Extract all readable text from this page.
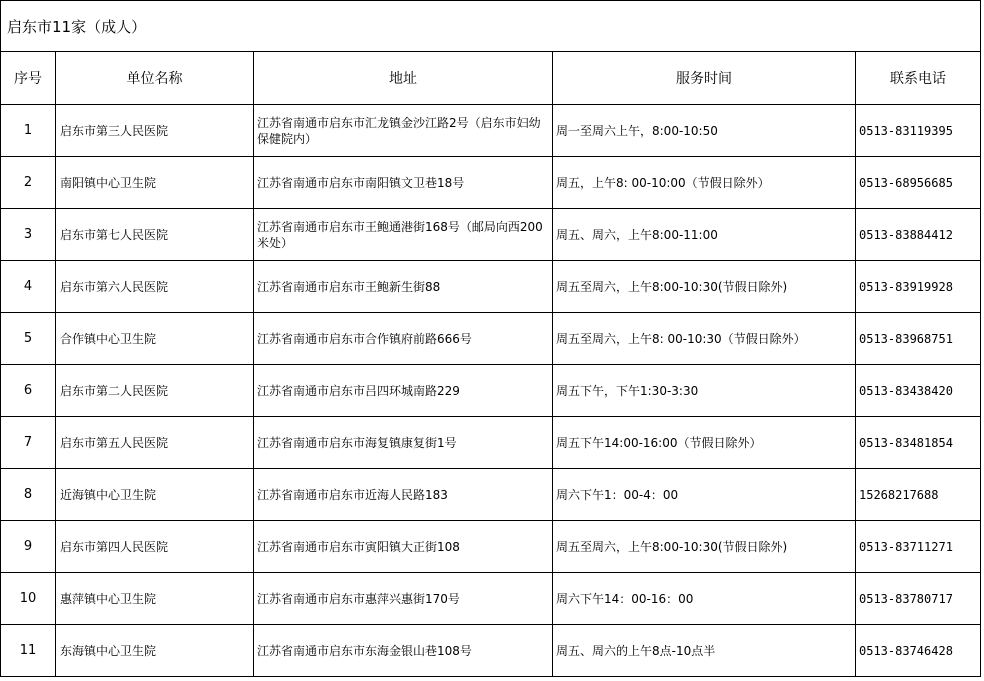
启东市11家（成人）				
序号	单位名称	地址	服务时间	联系电话
1	启东市第三人民医院	江苏省南通市启东市汇龙镇金沙江路2号（启东市妇幼保健院内）	周一至周六上午，8:00-10:50	0513-83119395
2	南阳镇中心卫生院	江苏省南通市启东市南阳镇文卫巷18号	周五，上午8: 00-10:00（节假日除外）	0513-68956685
3	启东市第七人民医院	江苏省南通市启东市王鲍通港街168号（邮局向西200米处）	周五、周六，上午8:00-11:00	0513-83884412
4	启东市第六人民医院	江苏省南通市启东市王鲍新生街88	周五至周六，上午8:00-10:30(节假日除外)	0513-83919928
5	合作镇中心卫生院	江苏省南通市启东市合作镇府前路666号	周五至周六，上午8: 00-10:30（节假日除外）	0513-83968751
6	启东市第二人民医院	江苏省南通市启东市吕四环城南路229	周五下午，下午1:30-3:30	0513-83438420
7	启东市第五人民医院	江苏省南通市启东市海复镇康复街1号	周五下午14:00-16:00（节假日除外）	0513-83481854
8	近海镇中心卫生院	江苏省南通市启东市近海人民路183	周六下午1：00-4：00	15268217688
9	启东市第四人民医院	江苏省南通市启东市寅阳镇大正街108	周五至周六，上午8:00-10:30(节假日除外)	0513-83711271
10	惠萍镇中心卫生院	江苏省南通市启东市惠萍兴惠街170号	周六下午14：00-16：00	0513-83780717
11	东海镇中心卫生院	江苏省南通市启东市东海金银山巷108号	周五、周六的上午8点-10点半	0513-83746428
